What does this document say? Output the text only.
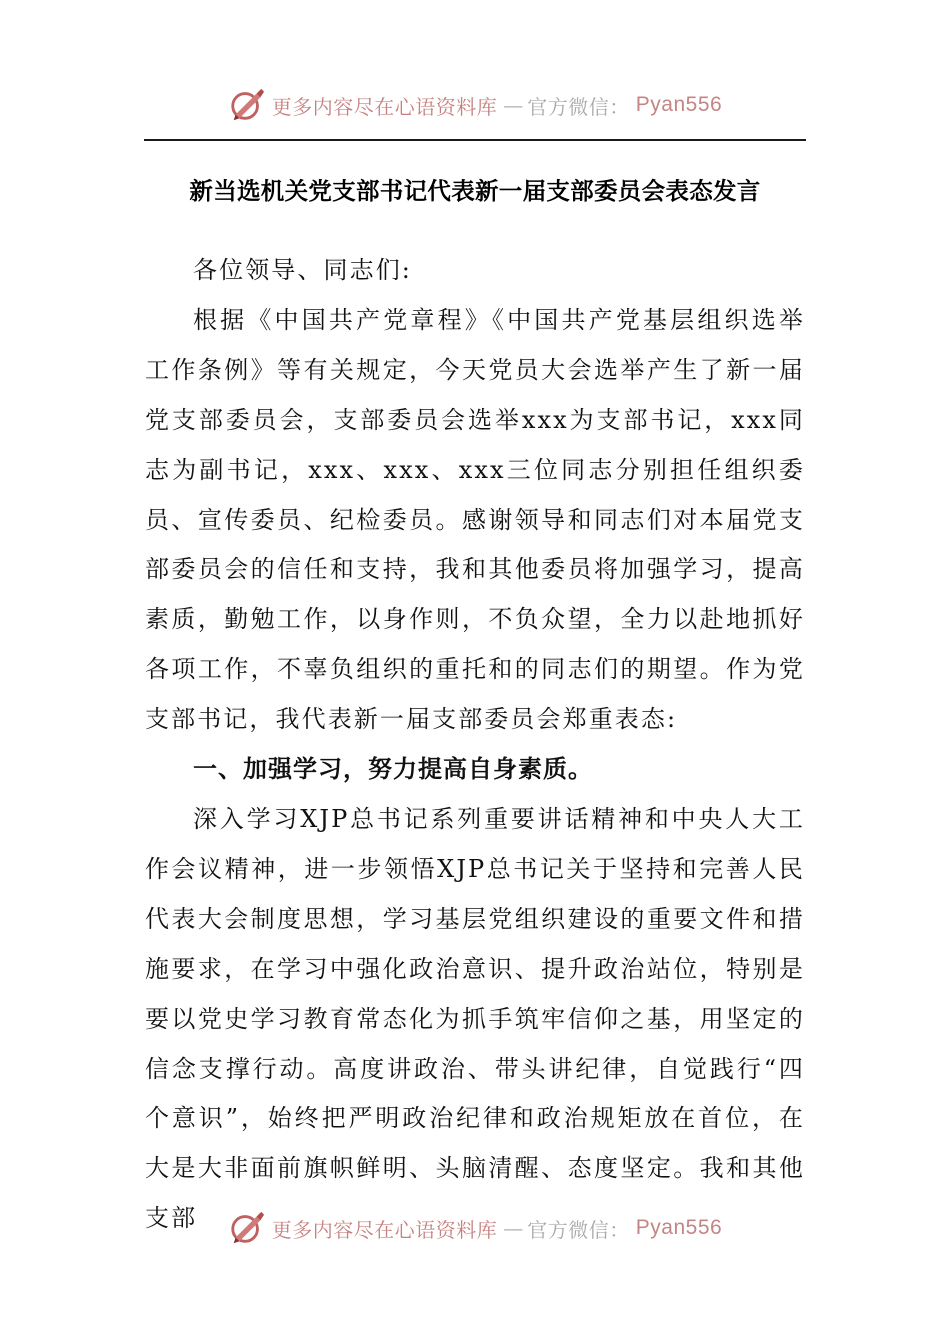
更多内容尽在心语资料库 — 官方微信： Pyan556
新当选机关党支部书记代表新一届支部委员会表态发言

各位领导、同志们:

根据《中国共产党章程》《中国共产党基层组织选举工作条例》等有关规定，今天党员大会选举产生了新一届党支部委员会，支部委员会选举xxx为支部书记，xxx同志为副书记，xxx、xxx、xxx三位同志分别担任组织委员、宣传委员、纪检委员。感谢领导和同志们对本届党支部委员会的信任和支持，我和其他委员将加强学习，提高素质，勤勉工作，以身作则，不负众望，全力以赴地抓好各项工作，不辜负组织的重托和的同志们的期望。作为党支部书记，我代表新一届支部委员会郑重表态:

一、加强学习，努力提高自身素质。

深入学习XJP总书记系列重要讲话精神和中央人大工作会议精神，进一步领悟XJP总书记关于坚持和完善人民代表大会制度思想，学习基层党组织建设的重要文件和措施要求，在学习中强化政治意识、提升政治站位，特别是要以党史学习教育常态化为抓手筑牢信仰之基，用坚定的信念支撑行动。高度讲政治、带头讲纪律，自觉践行“四个意识”，始终把严明政治纪律和政治规矩放在首位，在大是大非面前旗帜鲜明、头脑清醒、态度坚定。我和其他支部	更多内容尽在心语资料库 — 官方微信： Pyan556
